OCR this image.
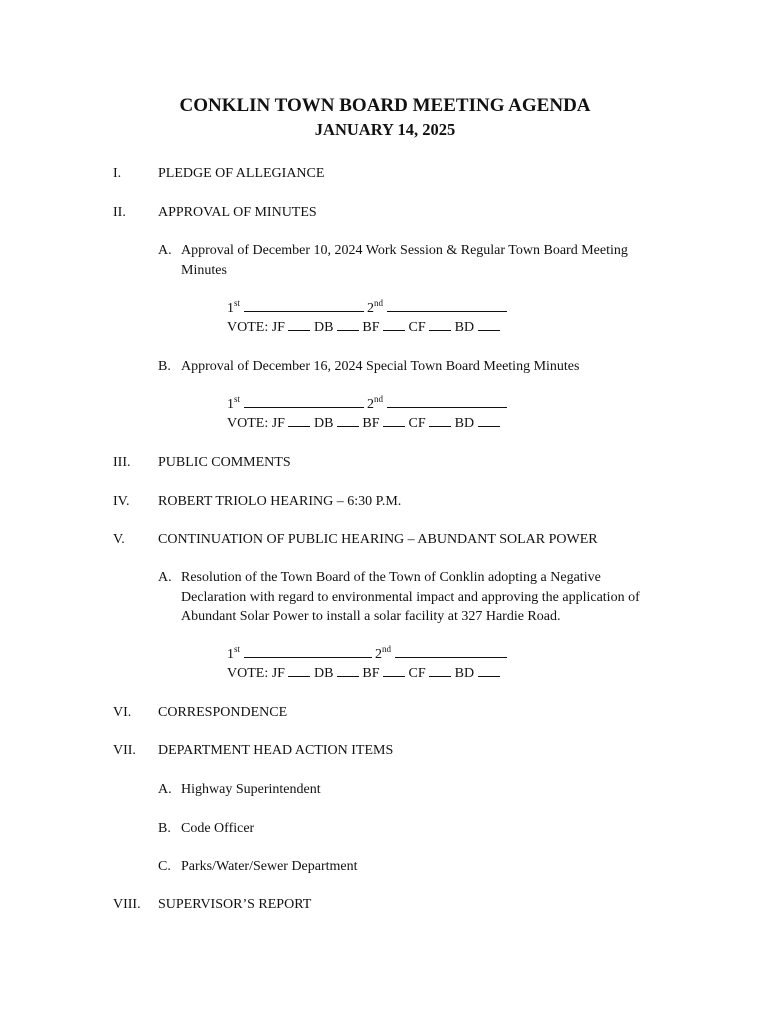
CONKLIN TOWN BOARD MEETING AGENDA
JANUARY 14, 2025
I.	PLEDGE OF ALLEGIANCE
II. APPROVAL OF MINUTES
A. Approval of December 10, 2024 Work Session & Regular Town Board Meeting
Minutes
1st	2nd
VOTE: JF DB BF CF BD
B. Approval of December 16, 2024 Special Town Board Meeting Minutes
1st	2nd
VOTE: JF DB BF CF BD
III. PUBLIC COMMENTS
IV. ROBERT TRIOLO HEARING – 6:30 P.M.
V. CONTINUATION OF PUBLIC HEARING – ABUNDANT SOLAR POWER
A. Resolution of the Town Board of the Town of Conklin adopting a Negative
Declaration with regard to environmental impact and approving the application of
Abundant Solar Power to install a solar facility at 327 Hardie Road.
1st	2nd
VOTE: JF DB BF CF BD
VI. CORRESPONDENCE
VII. DEPARTMENT HEAD ACTION ITEMS
A. Highway Superintendent
B. Code Officer
C. Parks/Water/Sewer Department
VIII. SUPERVISOR’S REPORT
